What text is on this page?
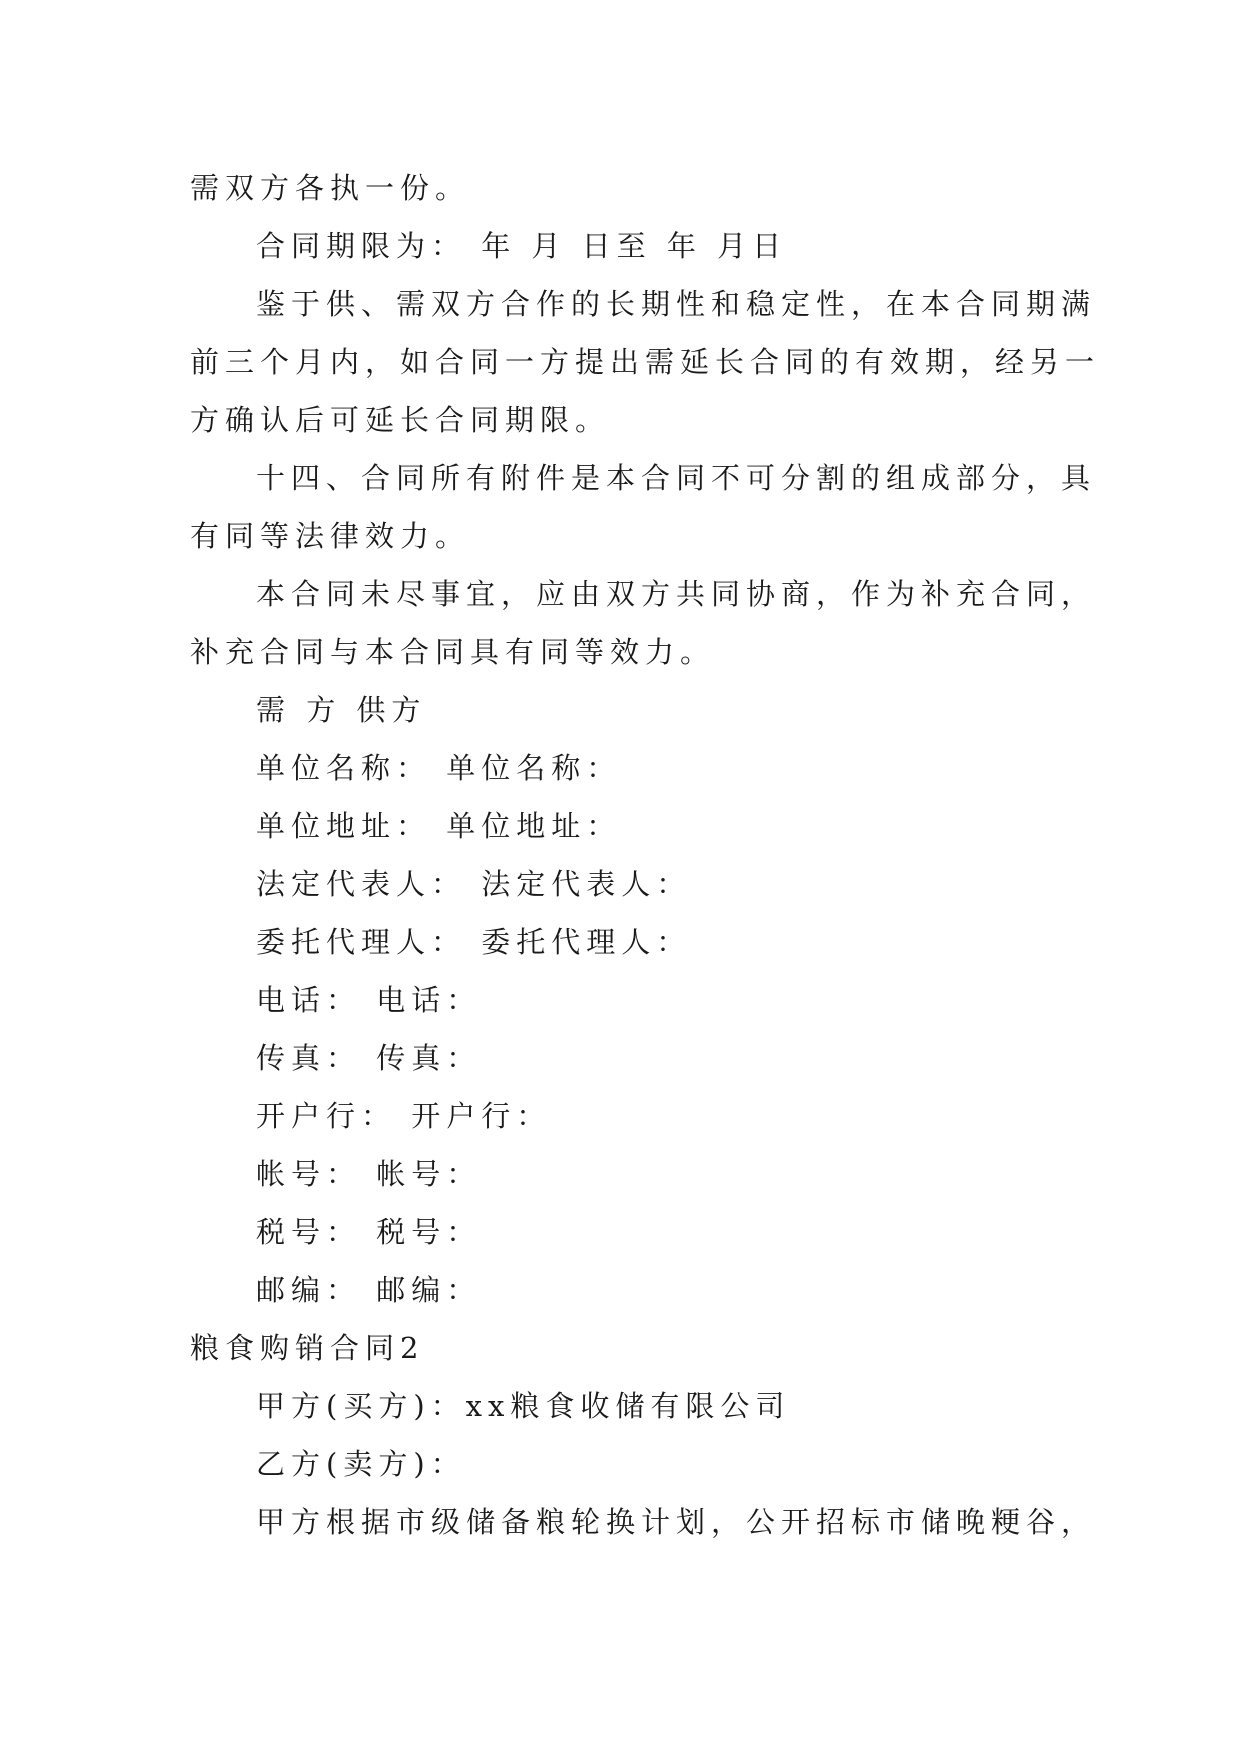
需双方各执一份。
合同期限为： 年 月 日至 年 月日
鉴于供、需双方合作的长期性和稳定性，在本合同期满
前三个月内，如合同一方提出需延长合同的有效期，经另一
方确认后可延长合同期限。
十四、合同所有附件是本合同不可分割的组成部分，具
有同等法律效力。
本合同未尽事宜，应由双方共同协商，作为补充合同，
补充合同与本合同具有同等效力。
需 方 供方
单位名称： 单位名称：
单位地址： 单位地址：
法定代表人： 法定代表人：
委托代理人： 委托代理人：
电话： 电话：
传真： 传真：
开户行： 开户行：
帐号： 帐号：
税号： 税号：
邮编： 邮编：
粮食购销合同2
甲方(买方)：xx粮食收储有限公司
乙方(卖方)：
甲方根据市级储备粮轮换计划，公开招标市储晚粳谷，
